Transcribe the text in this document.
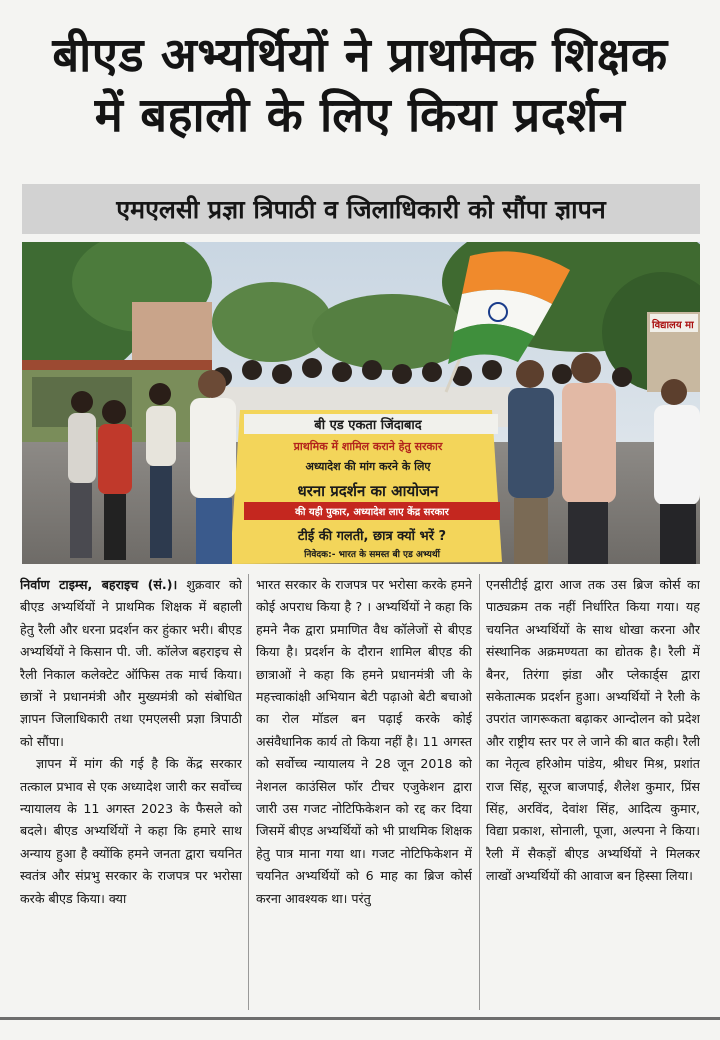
बीएड अभ्यर्थियों ने प्राथमिक शिक्षक
में बहाली के लिए किया प्रदर्शन
एमएलसी प्रज्ञा त्रिपाठी व जिलाधिकारी को सौंपा ज्ञापन
विद्यालय मा
बी एड एकता जिंदाबाद
प्राथमिक में शामिल कराने हेतु सरकार
अध्यादेश की मांग करने के लिए
धरना प्रदर्शन का आयोजन
की यही पुकार, अध्यादेश लाए केंद्र सरकार
टीई की गलती, छात्र क्यों भरें ?
निवेदक:- भारत के समस्त बी एड अभ्यर्थी

निर्वाण टाइम्स, बहराइच (सं.)। शुक्रवार को बीएड अभ्यर्थियों ने प्राथमिक शिक्षक में बहाली हेतु रैली और धरना प्रदर्शन कर हुंकार भरी। बीएड अभ्यर्थियों ने किसान पी. जी. कॉलेज बहराइच से रैली निकाल कलेक्टेट ऑफिस तक मार्च किया। छात्रों ने प्रधानमंत्री और मुख्यमंत्री को संबोधित ज्ञापन जिलाधिकारी तथा एमएलसी प्रज्ञा त्रिपाठी को सौंपा।

ज्ञापन में मांग की गई है कि केंद्र सरकार तत्काल प्रभाव से एक अध्यादेश जारी कर सर्वोच्च न्यायालय के 11 अगस्त 2023 के फैसले को बदले। बीएड अभ्यर्थियों ने कहा कि हमारे साथ अन्याय हुआ है क्योंकि हमने जनता द्वारा चयनित स्वतंत्र और संप्रभु सरकार के राजपत्र पर भरोसा करके बीएड किया। क्या

भारत सरकार के राजपत्र पर भरोसा करके हमने कोई अपराध किया है ? । अभ्यर्थियों ने कहा कि हमने नैक द्वारा प्रमाणित वैध कॉलेजों से बीएड किया है। प्रदर्शन के दौरान शामिल बीएड की छात्राओं ने कहा कि हमने प्रधानमंत्री जी के महत्त्वाकांक्षी अभियान बेटी पढ़ाओ बेटी बचाओ का रोल मॉडल बन पढ़ाई करके कोई असंवैधानिक कार्य तो किया नहीं है। 11 अगस्त को सर्वोच्च न्यायालय ने 28 जून 2018 को नेशनल काउंसिल फॉर टीचर एजुकेशन द्वारा जारी उस गजट नोटिफिकेशन को रद्द कर दिया जिसमें बीएड अभ्यर्थियों को भी प्राथमिक शिक्षक हेतु पात्र माना गया था। गजट नोटिफिकेशन में चयनित अभ्यर्थियों को 6 माह का ब्रिज कोर्स करना आवश्यक था। परंतु

एनसीटीई द्वारा आज तक उस ब्रिज कोर्स का पाठ्यक्रम तक नहीं निर्धारित किया गया। यह चयनित अभ्यर्थियों के साथ धोखा करना और संस्थानिक अक्रमण्यता का द्योतक है। रैली में बैनर, तिरंगा झंडा और प्लेकार्ड्स द्वारा सकेतात्मक प्रदर्शन हुआ। अभ्यर्थियों ने रैली के उपरांत जागरूकता बढ़ाकर आन्दोलन को प्रदेश और राष्ट्रीय स्तर पर ले जाने की बात कही। रैली का नेतृत्व हरिओम पांडेय, श्रीधर मिश्र, प्रशांत राज सिंह, सूरज बाजपाई, शैलेश कुमार, प्रिंस सिंह, अरविंद, देवांश सिंह, आदित्य कुमार, विद्या प्रकाश, सोनाली, पूजा, अल्पना ने किया। रैली में सैकड़ों बीएड अभ्यर्थियों ने मिलकर लाखों अभ्यर्थियों की आवाज बन हिस्सा लिया।
